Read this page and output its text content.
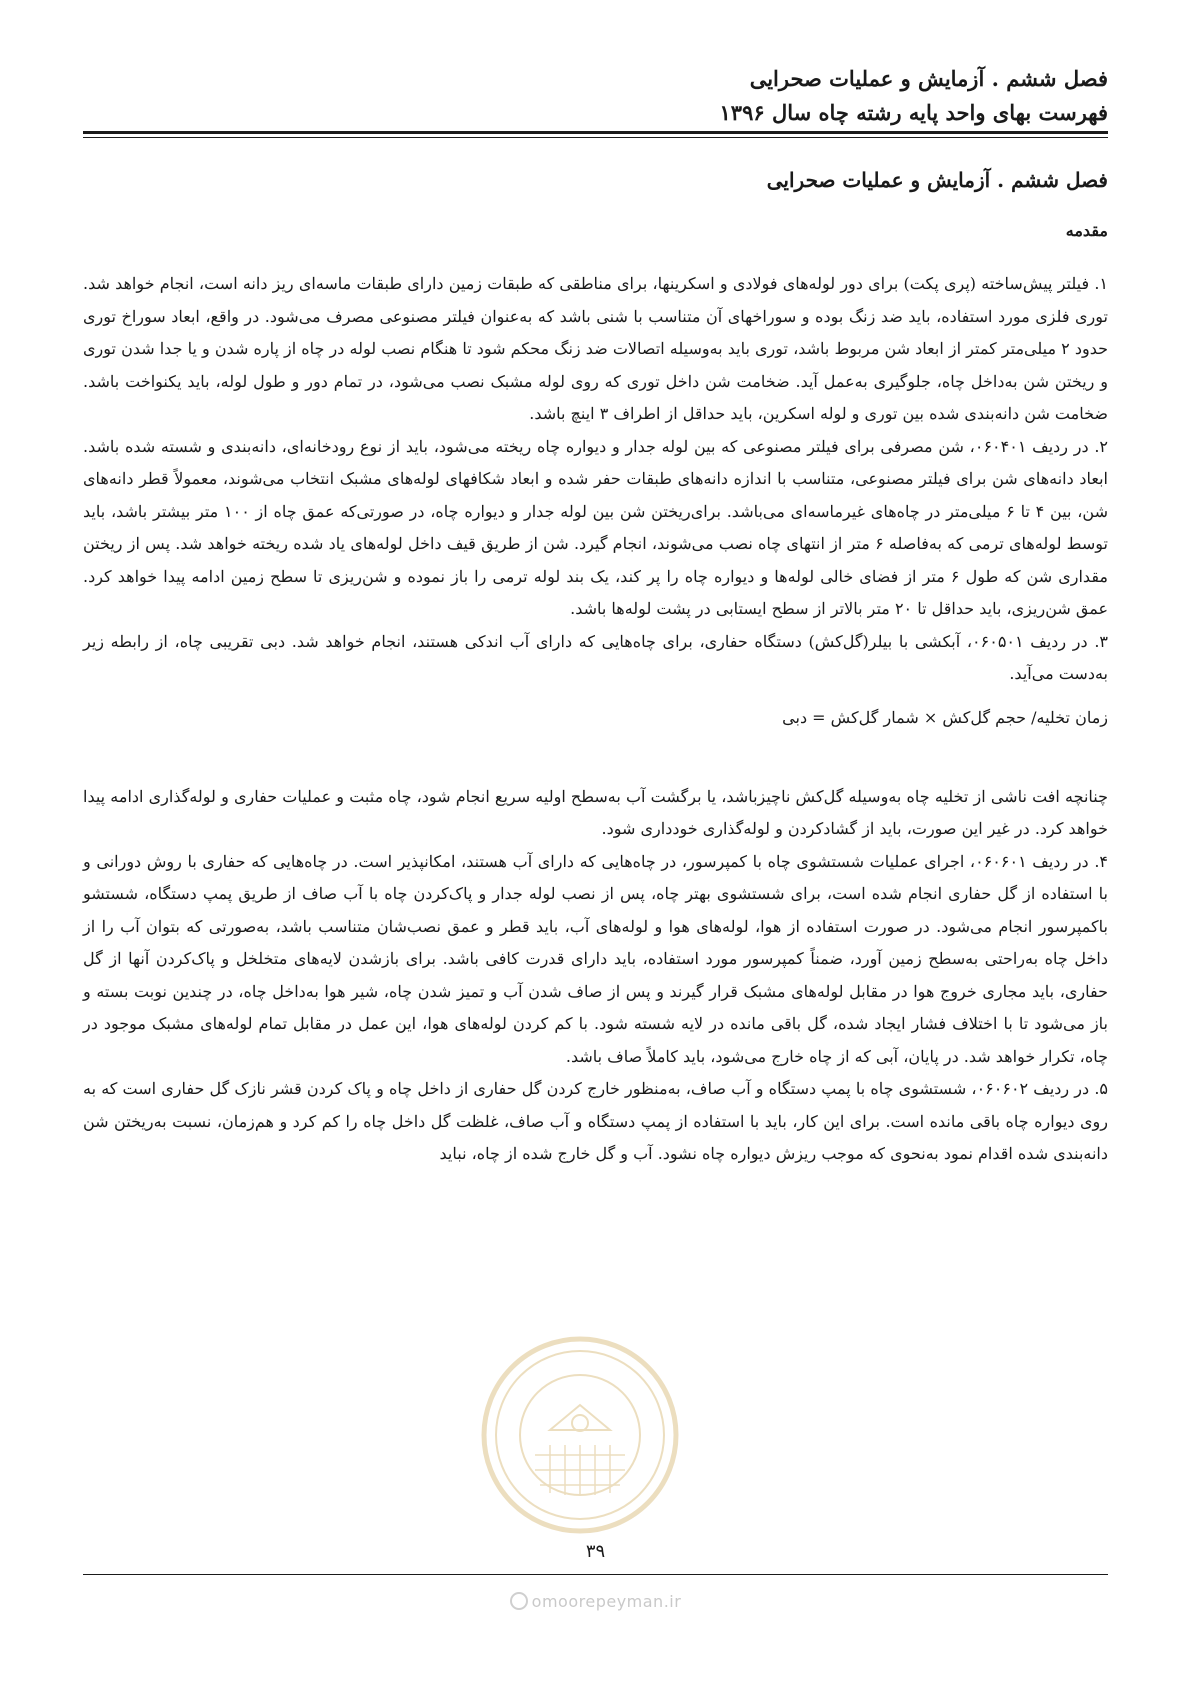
فصل ششم . آزمایش و عملیات صحرایی
فهرست بهای واحد پایه رشته چاه سال ۱۳۹۶
فصل ششم . آزمایش و عملیات صحرایی
مقدمه

۱. فیلتر پیش‌ساخته (پری پکت) برای دور لوله‌های فولادی و اسکرینها، برای مناطقی که طبقات زمین دارای طبقات ماسه‌ای ریز دانه است، انجام خواهد شد. توری فلزی مورد استفاده، باید ضد زنگ بوده و سوراخهای آن متناسب با شنی باشد که به‌عنوان فیلتر مصنوعی مصرف می‌شود. در واقع، ابعاد سوراخ توری حدود ۲ میلی‌متر کمتر از ابعاد شن مربوط باشد، توری باید به‌وسیله اتصالات ضد زنگ محکم شود تا هنگام نصب لوله در چاه از پاره شدن و یا جدا شدن توری و ریختن شن به‌داخل چاه، جلوگیری به‌عمل آید. ضخامت شن داخل توری که روی لوله مشبک نصب می‌شود، در تمام دور و طول لوله، باید یکنواخت باشد. ضخامت شن دانه‌بندی شده بین توری و لوله اسکرین، باید حداقل از اطراف ۳ اینچ باشد.

۲. در ردیف ۰۶۰۴۰۱، شن مصرفی برای فیلتر مصنوعی که بین لوله جدار و دیواره چاه ریخته می‌شود، باید از نوع رودخانه‌ای، دانه‌بندی و شسته شده باشد. ابعاد دانه‌های شن برای فیلتر مصنوعی، متناسب با اندازه دانه‌های طبقات حفر شده و ابعاد شکافهای لوله‌های مشبک انتخاب می‌شوند، معمولاً قطر دانه‌های شن، بین ۴ تا ۶ میلی‌متر در چاه‌های غیرماسه‌ای می‌باشد. برای‌ریختن شن بین لوله جدار و دیواره چاه، در صورتی‌که عمق چاه از ۱۰۰ متر بیشتر باشد، باید توسط لوله‌های ترمی که به‌فاصله ۶ متر از انتهای چاه نصب می‌شوند، انجام گیرد. شن از طریق قیف داخل لوله‌های یاد شده ریخته خواهد شد. پس از ریختن مقداری شن که طول ۶ متر از فضای خالی لوله‌ها و دیواره چاه را پر کند، یک بند لوله ترمی را باز نموده و شن‌ریزی تا سطح زمین ادامه پیدا خواهد کرد. عمق شن‌ریزی، باید حداقل تا ۲۰ متر بالاتر از سطح ایستابی در پشت لوله‌ها باشد.

۳. در ردیف ۰۶۰۵۰۱، آبکشی با بیلر(گل‌کش) دستگاه حفاری، برای چاه‌هایی که دارای آب اندکی هستند، انجام خواهد شد. دبی تقریبی چاه، از رابطه زیر به‌دست می‌آید.

زمان تخلیه/ حجم گل‌کش × شمار گل‌کش = دبی

چنانچه افت ناشی از تخلیه چاه به‌وسیله گل‌کش ناچیزباشد، یا برگشت آب به‌سطح اولیه سریع انجام شود، چاه مثبت و عملیات حفاری و لوله‌گذاری ادامه پیدا خواهد کرد. در غیر این صورت، باید از گشادکردن و لوله‌گذاری خودداری شود.

۴. در ردیف ۰۶۰۶۰۱، اجرای عملیات شستشوی چاه با کمپرسور، در چاه‌هایی که دارای آب هستند، امکانپذیر است. در چاه‌هایی که حفاری با روش دورانی و با استفاده از گل حفاری انجام شده است، برای شستشوی بهتر چاه، پس از نصب لوله جدار و پاک‌کردن چاه با آب صاف از طریق پمپ دستگاه، شستشو باکمپرسور انجام می‌شود. در صورت استفاده از هوا، لوله‌های هوا و لوله‌های آب، باید قطر و عمق نصب‌شان متناسب باشد، به‌صورتی که بتوان آب را از داخل چاه به‌راحتی به‌سطح زمین آورد، ضمناً کمپرسور مورد استفاده، باید دارای قدرت کافی باشد. برای بازشدن لایه‌های متخلخل و پاک‌کردن آنها از گل حفاری، باید مجاری خروج هوا در مقابل لوله‌های مشبک قرار گیرند و پس از صاف شدن آب و تمیز شدن چاه، شیر هوا به‌داخل چاه، در چندین نوبت بسته و باز می‌شود تا با اختلاف فشار ایجاد شده، گل باقی مانده در لایه شسته شود. با کم کردن لوله‌های هوا، این عمل در مقابل تمام لوله‌های مشبک موجود در چاه، تکرار خواهد شد. در پایان، آبی که از چاه خارج می‌شود، باید کاملاً صاف باشد.

۵. در ردیف ۰۶۰۶۰۲، شستشوی چاه با پمپ دستگاه و آب صاف، به‌منظور خارج کردن گل حفاری از داخل چاه و پاک کردن قشر نازک گل حفاری است که به روی دیواره چاه باقی مانده است. برای این کار، باید با استفاده از پمپ دستگاه و آب صاف، غلظت گل داخل چاه را کم کرد و هم‌زمان، نسبت به‌ریختن شن دانه‌بندی شده اقدام نمود به‌نحوی که موجب ریزش دیواره چاه نشود. آب و گل خارج شده از چاه، نباید

۳۹
omoorepeyman.ir
